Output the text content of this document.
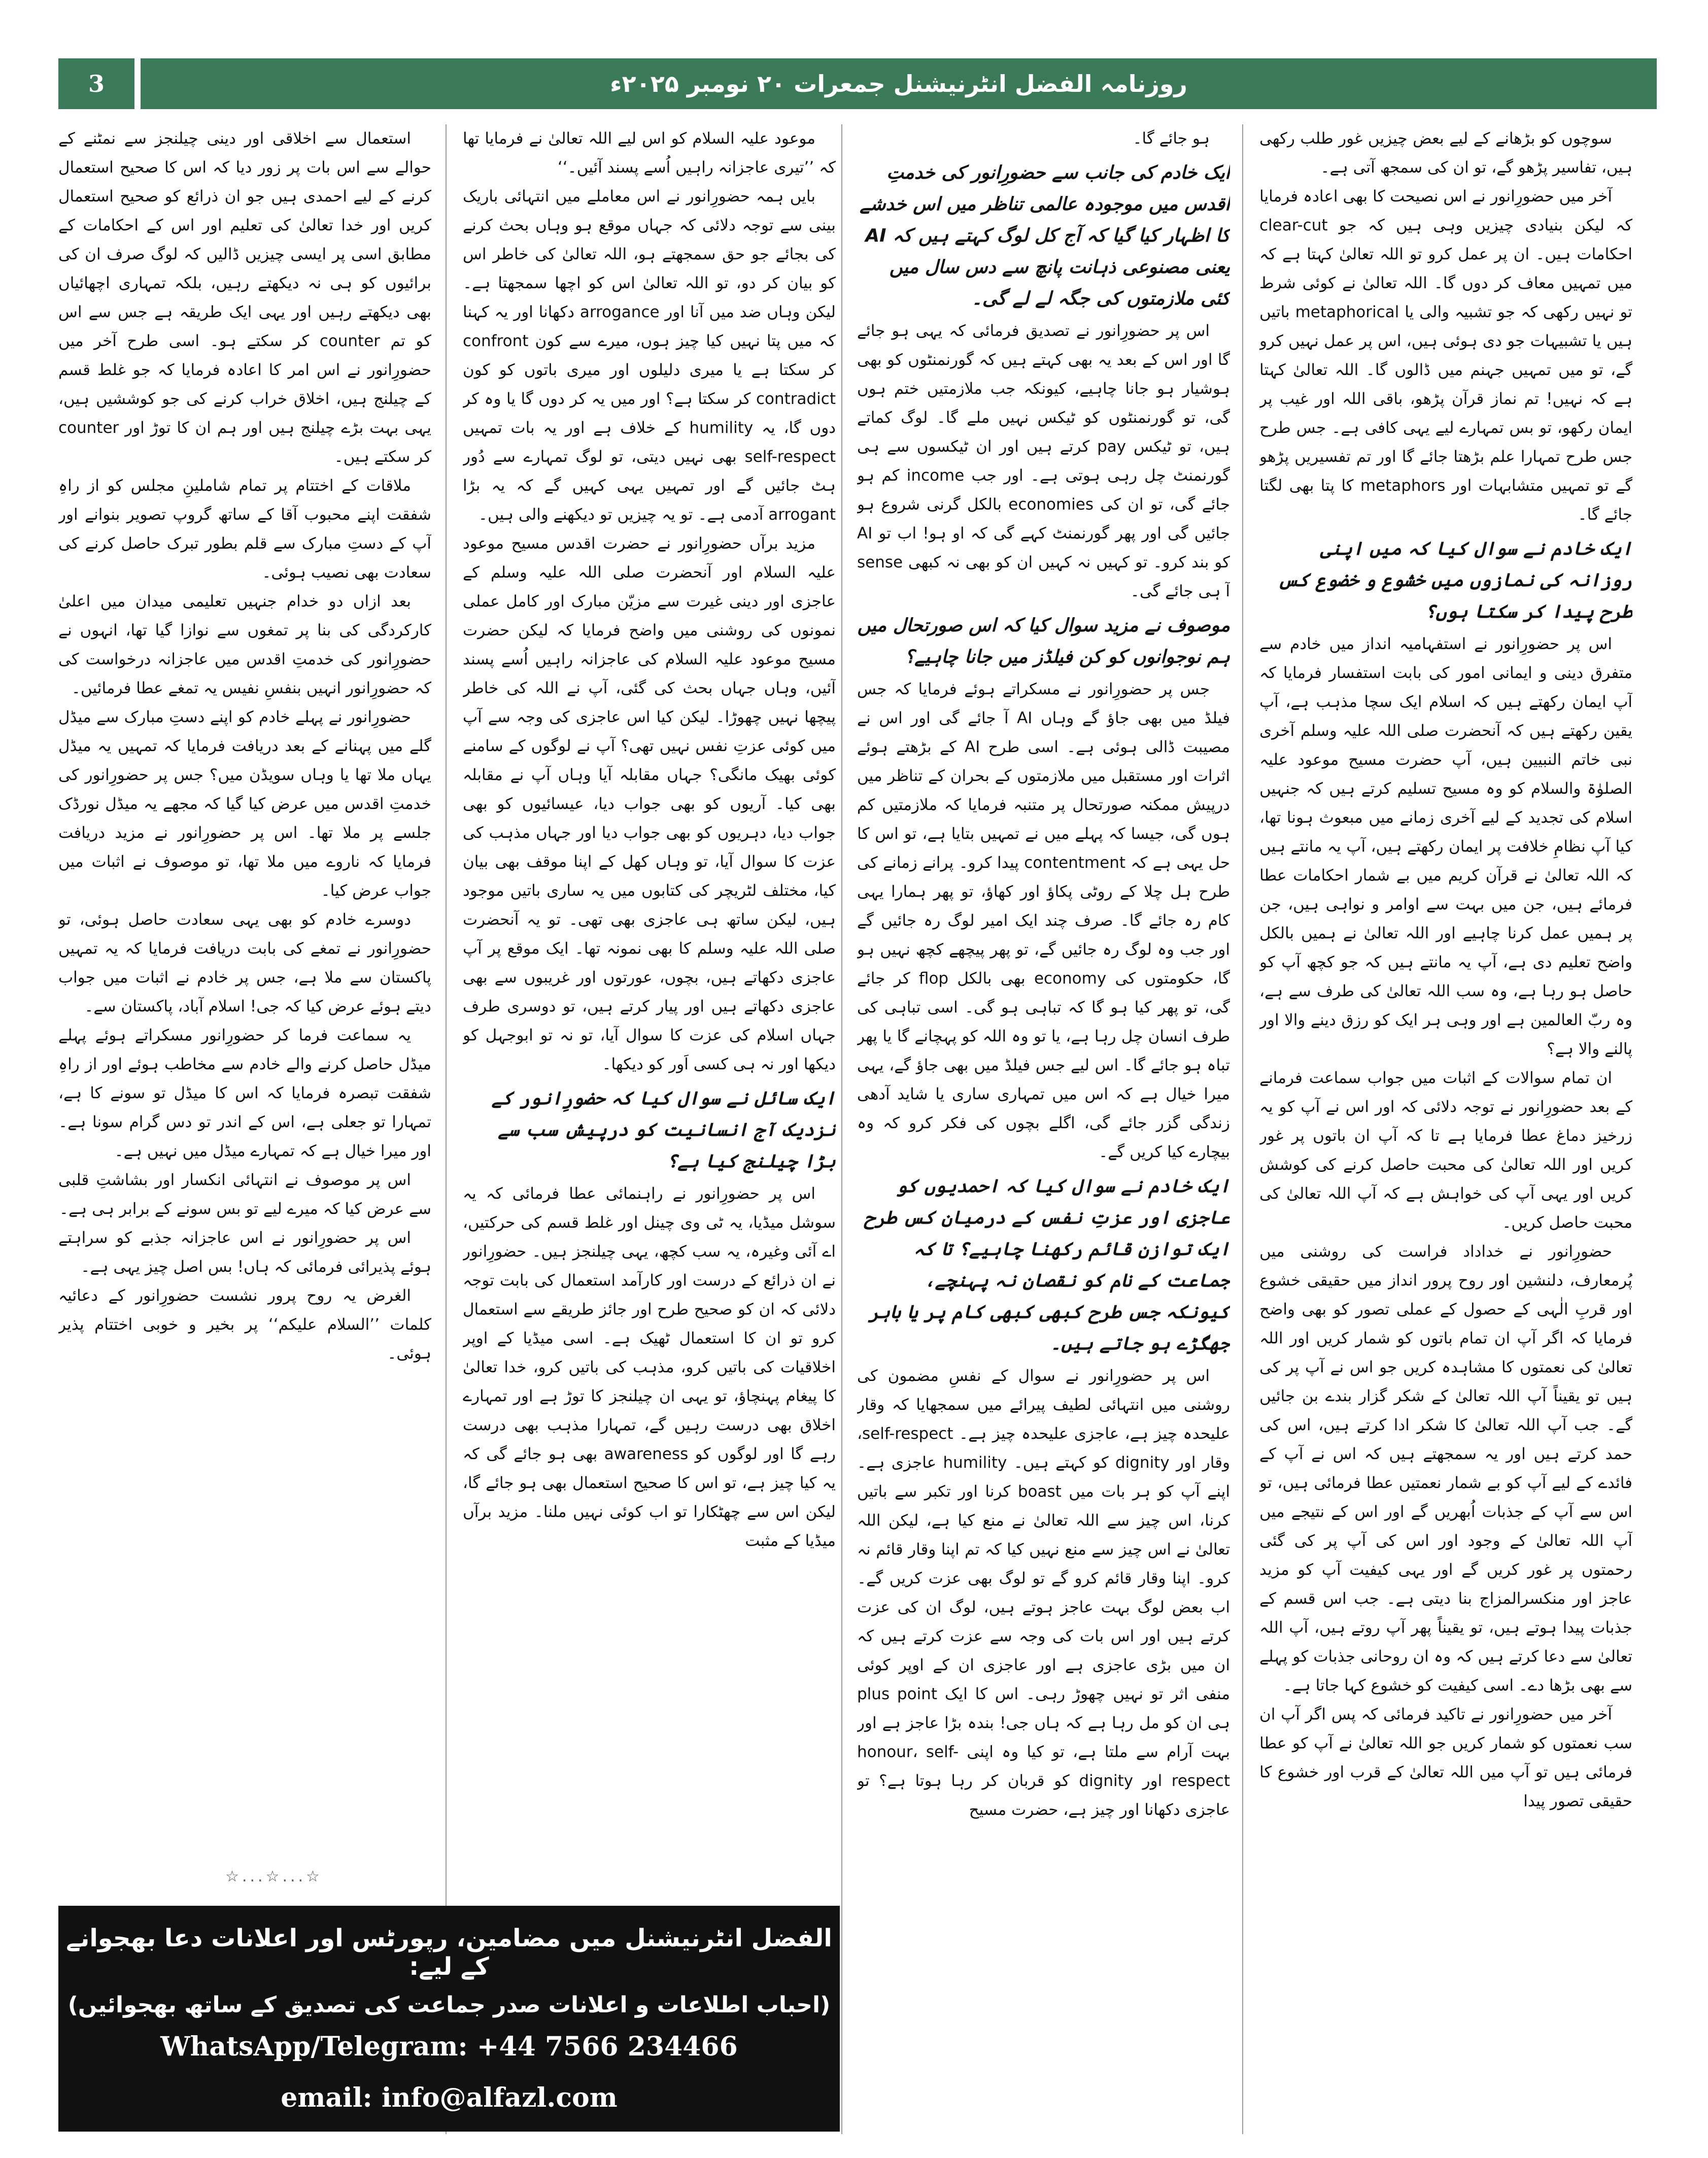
3	روزنامہ الفضل انٹرنیشنل جمعرات ۲۰ نومبر ۲۰۲۵ء

سوچوں کو بڑھانے کے لیے بعض چیزیں غور طلب رکھی ہیں، تفاسیر پڑھو گے، تو ان کی سمجھ آتی ہے۔

آخر میں حضورِانور نے اس نصیحت کا بھی اعادہ فرمایا کہ لیکن بنیادی چیزیں وہی ہیں کہ جو clear-cut احکامات ہیں۔ ان پر عمل کرو تو اللہ تعالیٰ کہتا ہے کہ میں تمہیں معاف کر دوں گا۔ اللہ تعالیٰ نے کوئی شرط تو نہیں رکھی کہ جو تشبیہ والی یا metaphorical باتیں ہیں یا تشبیہات جو دی ہوئی ہیں، اس پر عمل نہیں کرو گے، تو میں تمہیں جہنم میں ڈالوں گا۔ اللہ تعالیٰ کہتا ہے کہ نہیں! تم نماز قرآن پڑھو، باقی اللہ اور غیب پر ایمان رکھو، تو بس تمہارے لیے یہی کافی ہے۔ جس طرح جس طرح تمہارا علم بڑھتا جائے گا اور تم تفسیریں پڑھو گے تو تمہیں متشابہات اور metaphors کا پتا بھی لگتا جائے گا۔

ایک خادم نے سوال کیا کہ میں اپنی روزانہ کی نمازوں میں خشوع و خضوع کس طرح پیدا کر سکتا ہوں؟

اس پر حضورِانور نے استفہامیہ انداز میں خادم سے متفرق دینی و ایمانی امور کی بابت استفسار فرمایا کہ آپ ایمان رکھتے ہیں کہ اسلام ایک سچا مذہب ہے، آپ یقین رکھتے ہیں کہ آنحضرت صلی اللہ علیہ وسلم آخری نبی خاتم النبیین ہیں، آپ حضرت مسیح موعود علیہ الصلوٰۃ والسلام کو وہ مسیح تسلیم کرتے ہیں کہ جنہیں اسلام کی تجدید کے لیے آخری زمانے میں مبعوث ہونا تھا، کیا آپ نظامِ خلافت پر ایمان رکھتے ہیں، آپ یہ مانتے ہیں کہ اللہ تعالیٰ نے قرآن کریم میں بے شمار احکامات عطا فرمائے ہیں، جن میں بہت سے اوامر و نواہی ہیں، جن پر ہمیں عمل کرنا چاہیے اور اللہ تعالیٰ نے ہمیں بالکل واضح تعلیم دی ہے، آپ یہ مانتے ہیں کہ جو کچھ آپ کو حاصل ہو رہا ہے، وہ سب اللہ تعالیٰ کی طرف سے ہے، وہ ربّ العالمین ہے اور وہی ہر ایک کو رزق دینے والا اور پالنے والا ہے؟

ان تمام سوالات کے اثبات میں جواب سماعت فرمانے کے بعد حضورِانور نے توجہ دلائی کہ اور اس نے آپ کو یہ زرخیز دماغ عطا فرمایا ہے تا کہ آپ ان باتوں پر غور کریں اور اللہ تعالیٰ کی محبت حاصل کرنے کی کوشش کریں اور یہی آپ کی خواہش ہے کہ آپ اللہ تعالیٰ کی محبت حاصل کریں۔

حضورِانور نے خداداد فراست کی روشنی میں پُرمعارف، دلنشین اور روح پرور انداز میں حقیقی خشوع اور قربِ الٰہی کے حصول کے عملی تصور کو بھی واضح فرمایا کہ اگر آپ ان تمام باتوں کو شمار کریں اور اللہ تعالیٰ کی نعمتوں کا مشاہدہ کریں جو اس نے آپ پر کی ہیں تو یقیناً آپ اللہ تعالیٰ کے شکر گزار بندے بن جائیں گے۔ جب آپ اللہ تعالیٰ کا شکر ادا کرتے ہیں، اس کی حمد کرتے ہیں اور یہ سمجھتے ہیں کہ اس نے آپ کے فائدے کے لیے آپ کو بے شمار نعمتیں عطا فرمائی ہیں، تو اس سے آپ کے جذبات اُبھریں گے اور اس کے نتیجے میں آپ اللہ تعالیٰ کے وجود اور اس کی آپ پر کی گئی رحمتوں پر غور کریں گے اور یہی کیفیت آپ کو مزید عاجز اور منکسرالمزاج بنا دیتی ہے۔ جب اس قسم کے جذبات پیدا ہوتے ہیں، تو یقیناً پھر آپ روتے ہیں، آپ اللہ تعالیٰ سے دعا کرتے ہیں کہ وہ ان روحانی جذبات کو پہلے سے بھی بڑھا دے۔ اسی کیفیت کو خشوع کہا جاتا ہے۔

آخر میں حضورِانور نے تاکید فرمائی کہ پس اگر آپ ان سب نعمتوں کو شمار کریں جو اللہ تعالیٰ نے آپ کو عطا فرمائی ہیں تو آپ میں اللہ تعالیٰ کے قرب اور خشوع کا حقیقی تصور پیدا

ہو جائے گا۔

ایک خادم کی جانب سے حضورِانور کی خدمتِ اقدس میں موجودہ عالمی تناظر میں اس خدشے کا اظہار کیا گیا کہ آج کل لوگ کہتے ہیں کہ AI یعنی مصنوعی ذہانت پانچ سے دس سال میں کئی ملازمتوں کی جگہ لے لے گی۔

اس پر حضورِانور نے تصدیق فرمائی کہ یہی ہو جائے گا اور اس کے بعد یہ بھی کہتے ہیں کہ گورنمنٹوں کو بھی ہوشیار ہو جانا چاہیے، کیونکہ جب ملازمتیں ختم ہوں گی، تو گورنمنٹوں کو ٹیکس نہیں ملے گا۔ لوگ کماتے ہیں، تو ٹیکس pay کرتے ہیں اور ان ٹیکسوں سے ہی گورنمنٹ چل رہی ہوتی ہے۔ اور جب income کم ہو جائے گی، تو ان کی economies بالکل گرنی شروع ہو جائیں گی اور پھر گورنمنٹ کہے گی کہ او ہو! اب تو AI کو بند کرو۔ تو کہیں نہ کہیں ان کو بھی نہ کبھی sense آ ہی جائے گی۔

موصوف نے مزید سوال کیا کہ اس صورتحال میں ہم نوجوانوں کو کن فیلڈز میں جانا چاہیے؟

جس پر حضورِانور نے مسکراتے ہوئے فرمایا کہ جس فیلڈ میں بھی جاؤ گے وہاں AI آ جائے گی اور اس نے مصیبت ڈالی ہوئی ہے۔ اسی طرح AI کے بڑھتے ہوئے اثرات اور مستقبل میں ملازمتوں کے بحران کے تناظر میں درپیش ممکنہ صورتحال پر متنبہ فرمایا کہ ملازمتیں کم ہوں گی، جیسا کہ پہلے میں نے تمہیں بتایا ہے، تو اس کا حل یہی ہے کہ contentment پیدا کرو۔ پرانے زمانے کی طرح ہل چلا کے روٹی پکاؤ اور کھاؤ، تو پھر ہمارا یہی کام رہ جائے گا۔ صرف چند ایک امیر لوگ رہ جائیں گے اور جب وہ لوگ رہ جائیں گے، تو پھر پیچھے کچھ نہیں ہو گا، حکومتوں کی economy بھی بالکل flop کر جائے گی، تو پھر کیا ہو گا کہ تباہی ہو گی۔ اسی تباہی کی طرف انسان چل رہا ہے، یا تو وہ اللہ کو پہچانے گا یا پھر تباہ ہو جائے گا۔ اس لیے جس فیلڈ میں بھی جاؤ گے، یہی میرا خیال ہے کہ اس میں تمہاری ساری یا شاید آدھی زندگی گزر جائے گی، اگلے بچوں کی فکر کرو کہ وہ بیچارے کیا کریں گے۔

ایک خادم نے سوال کیا کہ احمدیوں کو عاجزی اور عزتِ نفس کے درمیان کس طرح ایک توازن قائم رکھنا چاہیے؟ تا کہ جماعت کے نام کو نقصان نہ پہنچے، کیونکہ جس طرح کبھی کبھی کام پر یا باہر جھگڑے ہو جاتے ہیں۔

اس پر حضورِانور نے سوال کے نفسِ مضمون کی روشنی میں انتہائی لطیف پیرائے میں سمجھایا کہ وقار علیحدہ چیز ہے، عاجزی علیحدہ چیز ہے۔ self-respect، وقار اور dignity کو کہتے ہیں۔ humility عاجزی ہے۔ اپنے آپ کو ہر بات میں boast کرنا اور تکبر سے باتیں کرنا، اس چیز سے اللہ تعالیٰ نے منع کیا ہے، لیکن اللہ تعالیٰ نے اس چیز سے منع نہیں کیا کہ تم اپنا وقار قائم نہ کرو۔ اپنا وقار قائم کرو گے تو لوگ بھی عزت کریں گے۔ اب بعض لوگ بہت عاجز ہوتے ہیں، لوگ ان کی عزت کرتے ہیں اور اس بات کی وجہ سے عزت کرتے ہیں کہ ان میں بڑی عاجزی ہے اور عاجزی ان کے اوپر کوئی منفی اثر تو نہیں چھوڑ رہی۔ اس کا ایک plus point ہی ان کو مل رہا ہے کہ ہاں جی! بندہ بڑا عاجز ہے اور بہت آرام سے ملتا ہے، تو کیا وہ اپنی honour، self-respect اور dignity کو قربان کر رہا ہوتا ہے؟ تو عاجزی دکھانا اور چیز ہے، حضرت مسیح

موعود علیہ السلام کو اس لیے اللہ تعالیٰ نے فرمایا تھا کہ ’’تیری عاجزانہ راہیں اُسے پسند آئیں۔‘‘

بایں ہمہ حضورِانور نے اس معاملے میں انتہائی باریک بینی سے توجہ دلائی کہ جہاں موقع ہو وہاں بحث کرنے کی بجائے جو حق سمجھتے ہو، اللہ تعالیٰ کی خاطر اس کو بیان کر دو، تو اللہ تعالیٰ اس کو اچھا سمجھتا ہے۔ لیکن وہاں ضد میں آنا اور arrogance دکھانا اور یہ کہنا کہ میں پتا نہیں کیا چیز ہوں، میرے سے کون confront کر سکتا ہے یا میری دلیلوں اور میری باتوں کو کون contradict کر سکتا ہے؟ اور میں یہ کر دوں گا یا وہ کر دوں گا، یہ humility کے خلاف ہے اور یہ بات تمہیں self-respect بھی نہیں دیتی، تو لوگ تمہارے سے دُور ہٹ جائیں گے اور تمہیں یہی کہیں گے کہ یہ بڑا arrogant آدمی ہے۔ تو یہ چیزیں تو دیکھنے والی ہیں۔

مزید برآں حضورِانور نے حضرت اقدس مسیح موعود علیہ السلام اور آنحضرت صلی اللہ علیہ وسلم کے عاجزی اور دینی غیرت سے مزیّن مبارک اور کامل عملی نمونوں کی روشنی میں واضح فرمایا کہ لیکن حضرت مسیح موعود علیہ السلام کی عاجزانہ راہیں اُسے پسند آئیں، وہاں جہاں بحث کی گئی، آپ نے اللہ کی خاطر پیچھا نہیں چھوڑا۔ لیکن کیا اس عاجزی کی وجہ سے آپ میں کوئی عزتِ نفس نہیں تھی؟ آپ نے لوگوں کے سامنے کوئی بھیک مانگی؟ جہاں مقابلہ آیا وہاں آپ نے مقابلہ بھی کیا۔ آریوں کو بھی جواب دیا، عیسائیوں کو بھی جواب دیا، دہریوں کو بھی جواب دیا اور جہاں مذہب کی عزت کا سوال آیا، تو وہاں کھل کے اپنا موقف بھی بیان کیا، مختلف لٹریچر کی کتابوں میں یہ ساری باتیں موجود ہیں، لیکن ساتھ ہی عاجزی بھی تھی۔ تو یہ آنحضرت صلی اللہ علیہ وسلم کا بھی نمونہ تھا۔ ایک موقع پر آپ عاجزی دکھاتے ہیں، بچوں، عورتوں اور غریبوں سے بھی عاجزی دکھاتے ہیں اور پیار کرتے ہیں، تو دوسری طرف جہاں اسلام کی عزت کا سوال آیا، تو نہ تو ابوجہل کو دیکھا اور نہ ہی کسی اَور کو دیکھا۔

ایک سائل نے سوال کیا کہ حضورِانور کے نزدیک آج انسانیت کو درپیش سب سے بڑا چیلنج کیا ہے؟

اس پر حضورِانور نے راہنمائی عطا فرمائی کہ یہ سوشل میڈیا، یہ ٹی وی چینل اور غلط قسم کی حرکتیں، اے آئی وغیرہ، یہ سب کچھ، یہی چیلنجز ہیں۔ حضورِانور نے ان ذرائع کے درست اور کارآمد استعمال کی بابت توجہ دلائی کہ ان کو صحیح طرح اور جائز طریقے سے استعمال کرو تو ان کا استعمال ٹھیک ہے۔ اسی میڈیا کے اوپر اخلاقیات کی باتیں کرو، مذہب کی باتیں کرو، خدا تعالیٰ کا پیغام پہنچاؤ، تو یہی ان چیلنجز کا توڑ ہے اور تمہارے اخلاق بھی درست رہیں گے، تمہارا مذہب بھی درست رہے گا اور لوگوں کو awareness بھی ہو جائے گی کہ یہ کیا چیز ہے، تو اس کا صحیح استعمال بھی ہو جائے گا، لیکن اس سے چھٹکارا تو اب کوئی نہیں ملنا۔ مزید برآں میڈیا کے مثبت

استعمال سے اخلاقی اور دینی چیلنجز سے نمٹنے کے حوالے سے اس بات پر زور دیا کہ اس کا صحیح استعمال کرنے کے لیے احمدی ہیں جو ان ذرائع کو صحیح استعمال کریں اور خدا تعالیٰ کی تعلیم اور اس کے احکامات کے مطابق اسی پر ایسی چیزیں ڈالیں کہ لوگ صرف ان کی برائیوں کو ہی نہ دیکھتے رہیں، بلکہ تمہاری اچھائیاں بھی دیکھتے رہیں اور یہی ایک طریقہ ہے جس سے اس کو تم counter کر سکتے ہو۔ اسی طرح آخر میں حضورِانور نے اس امر کا اعادہ فرمایا کہ جو غلط قسم کے چیلنج ہیں، اخلاق خراب کرنے کی جو کوششیں ہیں، یہی بہت بڑے چیلنج ہیں اور ہم ان کا توڑ اور counter کر سکتے ہیں۔

ملاقات کے اختتام پر تمام شاملینِ مجلس کو از راہِ شفقت اپنے محبوب آقا کے ساتھ گروپ تصویر بنوانے اور آپ کے دستِ مبارک سے قلم بطور تبرک حاصل کرنے کی سعادت بھی نصیب ہوئی۔

بعد ازاں دو خدام جنہیں تعلیمی میدان میں اعلیٰ کارکردگی کی بنا پر تمغوں سے نوازا گیا تھا، انہوں نے حضورِانور کی خدمتِ اقدس میں عاجزانہ درخواست کی کہ حضورِانور انہیں بنفسِ نفیس یہ تمغے عطا فرمائیں۔

حضورِانور نے پہلے خادم کو اپنے دستِ مبارک سے میڈل گلے میں پہنانے کے بعد دریافت فرمایا کہ تمہیں یہ میڈل یہاں ملا تھا یا وہاں سویڈن میں؟ جس پر حضورِانور کی خدمتِ اقدس میں عرض کیا گیا کہ مجھے یہ میڈل نورڈک جلسے پر ملا تھا۔ اس پر حضورِانور نے مزید دریافت فرمایا کہ ناروے میں ملا تھا، تو موصوف نے اثبات میں جواب عرض کیا۔

دوسرے خادم کو بھی یہی سعادت حاصل ہوئی، تو حضورِانور نے تمغے کی بابت دریافت فرمایا کہ یہ تمہیں پاکستان سے ملا ہے، جس پر خادم نے اثبات میں جواب دیتے ہوئے عرض کیا کہ جی! اسلام آباد، پاکستان سے۔

یہ سماعت فرما کر حضورِانور مسکراتے ہوئے پہلے میڈل حاصل کرنے والے خادم سے مخاطب ہوئے اور از راہِ شفقت تبصرہ فرمایا کہ اس کا میڈل تو سونے کا ہے، تمہارا تو جعلی ہے، اس کے اندر تو دس گرام سونا ہے۔ اور میرا خیال ہے کہ تمہارے میڈل میں نہیں ہے۔

اس پر موصوف نے انتہائی انکسار اور بشاشتِ قلبی سے عرض کیا کہ میرے لیے تو بس سونے کے برابر ہی ہے۔

اس پر حضورِانور نے اس عاجزانہ جذبے کو سراہتے ہوئے پذیرائی فرمائی کہ ہاں! بس اصل چیز یہی ہے۔

الغرض یہ روح پرور نشست حضورِانور کے دعائیہ کلمات ’’السلام علیکم‘‘ پر بخیر و خوبی اختتام پذیر ہوئی۔

☆...☆...☆
الفضل انٹرنیشنل میں مضامین، رپورٹس اور اعلانات دعا بھجوانے کے لیے:
(احباب اطلاعات و اعلانات صدر جماعت کی تصدیق کے ساتھ بھجوائیں)
WhatsApp/Telegram: +44 7566 234466
email: info@alfazl.com
